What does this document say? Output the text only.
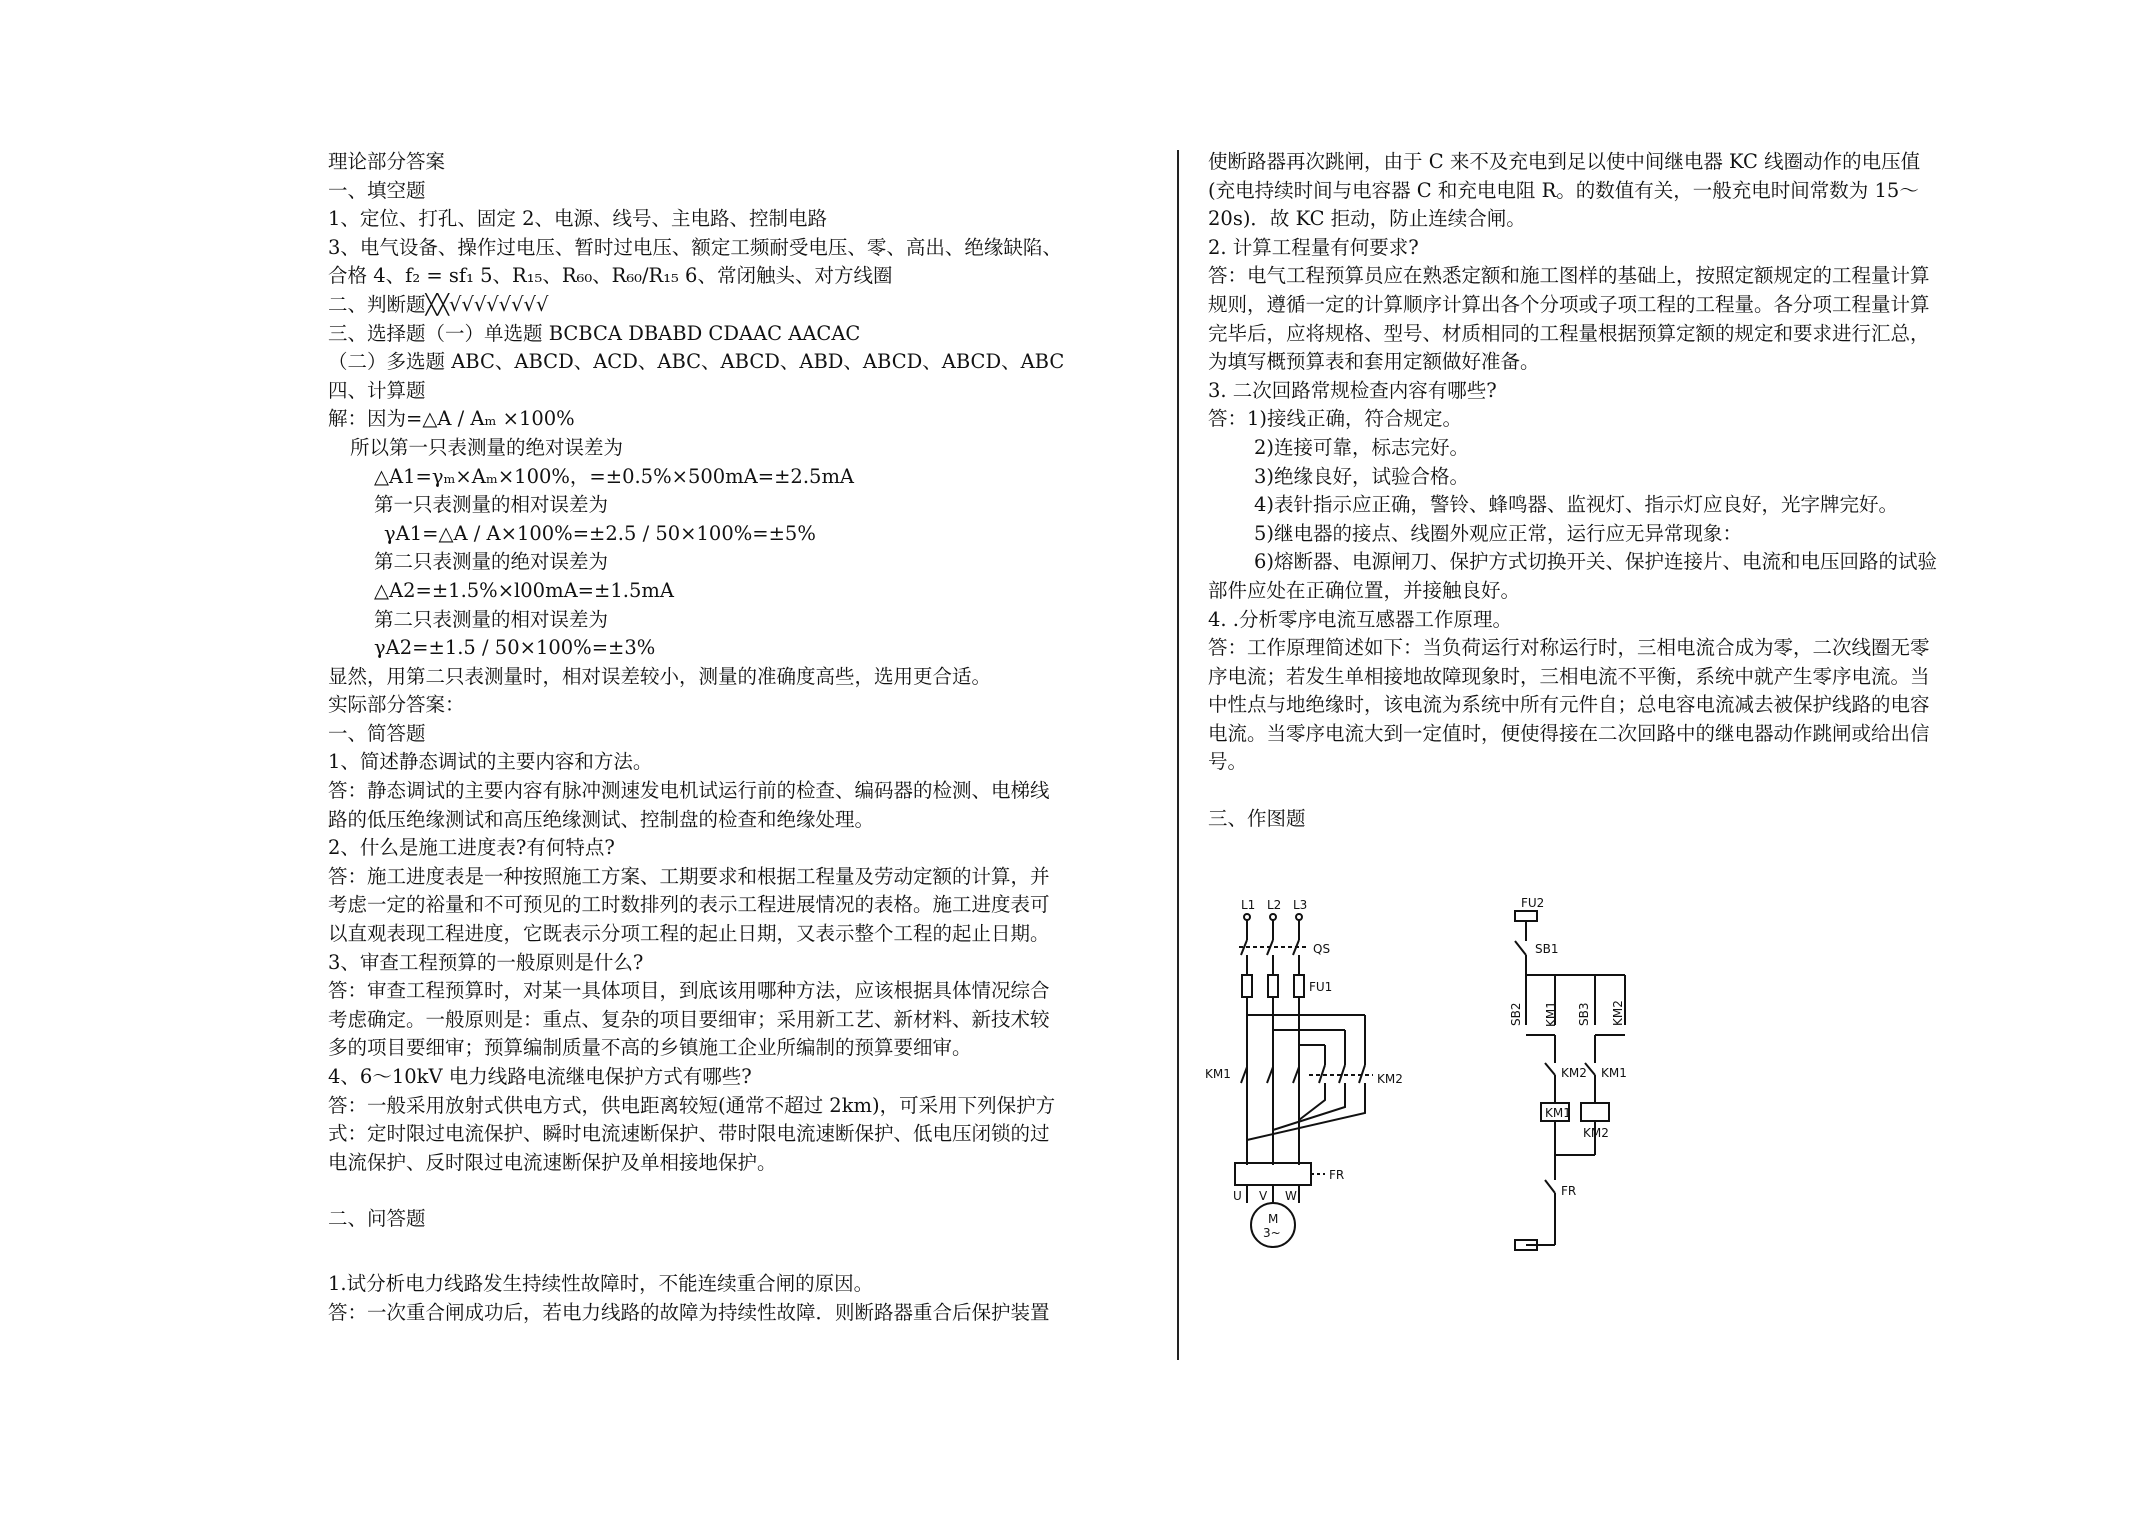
理论部分答案

一、填空题

1、定位、打孔、固定 2、电源、线号、主电路、控制电路

3、电气设备、操作过电压、暂时过电压、额定工频耐受电压、零、高出、绝缘缺陷、

合格 4、f₂ = sf₁ 5、R₁₅、R₆₀、R₆₀/R₁₅ 6、常闭触头、对方线圈

二、判断题╳╳√√√√√√√√

三、选择题（一）单选题 BCBCA DBABD CDAAC AACAC

（二）多选题 ABC、ABCD、ACD、ABC、ABCD、ABD、ABCD、ABCD、ABC

四、计算题

解：因为=△A / Aₘ ×100%

所以第一只表测量的绝对误差为

△A1=γₘ×Aₘ×100%，=±0.5%×500mA=±2.5mA

第一只表测量的相对误差为

γA1=△A / A×100%=±2.5 / 50×100%=±5%

第二只表测量的绝对误差为

△A2=±1.5%×l00mA=±1.5mA

第二只表测量的相对误差为

γA2=±1.5 / 50×100%=±3%

显然，用第二只表测量时，相对误差较小，测量的准确度高些，选用更合适。

实际部分答案：

一、简答题

1、简述静态调试的主要内容和方法。

答：静态调试的主要内容有脉冲测速发电机试运行前的检查、编码器的检测、电梯线

路的低压绝缘测试和高压绝缘测试、控制盘的检查和绝缘处理。

2、什么是施工进度表?有何特点?

答：施工进度表是一种按照施工方案、工期要求和根据工程量及劳动定额的计算，并

考虑一定的裕量和不可预见的工时数排列的表示工程进展情况的表格。施工进度表可

以直观表现工程进度，它既表示分项工程的起止日期，又表示整个工程的起止日期。

3、审查工程预算的一般原则是什么?

答：审查工程预算时，对某一具体项目，到底该用哪种方法，应该根据具体情况综合

考虑确定。一般原则是：重点、复杂的项目要细审；采用新工艺、新材料、新技术较

多的项目要细审；预算编制质量不高的乡镇施工企业所编制的预算要细审。

4、6～10kV 电力线路电流继电保护方式有哪些?

答：一般采用放射式供电方式，供电距离较短(通常不超过 2km)，可采用下列保护方

式：定时限过电流保护、瞬时电流速断保护、带时限电流速断保护、低电压闭锁的过

电流保护、反时限过电流速断保护及单相接地保护。

二、问答题

1.试分析电力线路发生持续性故障时，不能连续重合闸的原因。

答：一次重合闸成功后，若电力线路的故障为持续性故障．则断路器重合后保护装置

使断路器再次跳闸，由于 C 来不及充电到足以使中间继电器 KC 线圈动作的电压值

(充电持续时间与电容器 C 和充电电阻 R。的数值有关，一般充电时间常数为 15～

20s)．故 KC 拒动，防止连续合闸。

2. 计算工程量有何要求?

答：电气工程预算员应在熟悉定额和施工图样的基础上，按照定额规定的工程量计算

规则，遵循一定的计算顺序计算出各个分项或子项工程的工程量。各分项工程量计算

完毕后，应将规格、型号、材质相同的工程量根据预算定额的规定和要求进行汇总，

为填写概预算表和套用定额做好准备。

3. 二次回路常规检查内容有哪些?

答：1)接线正确，符合规定。

2)连接可靠，标志完好。

3)绝缘良好，试验合格。

4)表针指示应正确，警铃、蜂鸣器、监视灯、指示灯应良好，光字牌完好。

5)继电器的接点、线圈外观应正常，运行应无异常现象：

6)熔断器、电源闸刀、保护方式切换开关、保护连接片、电流和电压回路的试验

部件应处在正确位置，并接触良好。

4. .分析零序电流互感器工作原理。

答：工作原理简述如下：当负荷运行对称运行时，三相电流合成为零，二次线圈无零

序电流；若发生单相接地故障现象时，三相电流不平衡，系统中就产生零序电流。当

中性点与地绝缘时，该电流为系统中所有元件自；总电容电流减去被保护线路的电容

电流。当零序电流大到一定值时，便使得接在二次回路中的继电器动作跳闸或给出信

号。

三、作图题

L1 L2 L3
QS
FU1
KM1	KM2
FR
U V W
M
3~
FU2
SB1
SB2 KM1 SB3 KM2
KM2 KM1
KM1
KM2
FR
